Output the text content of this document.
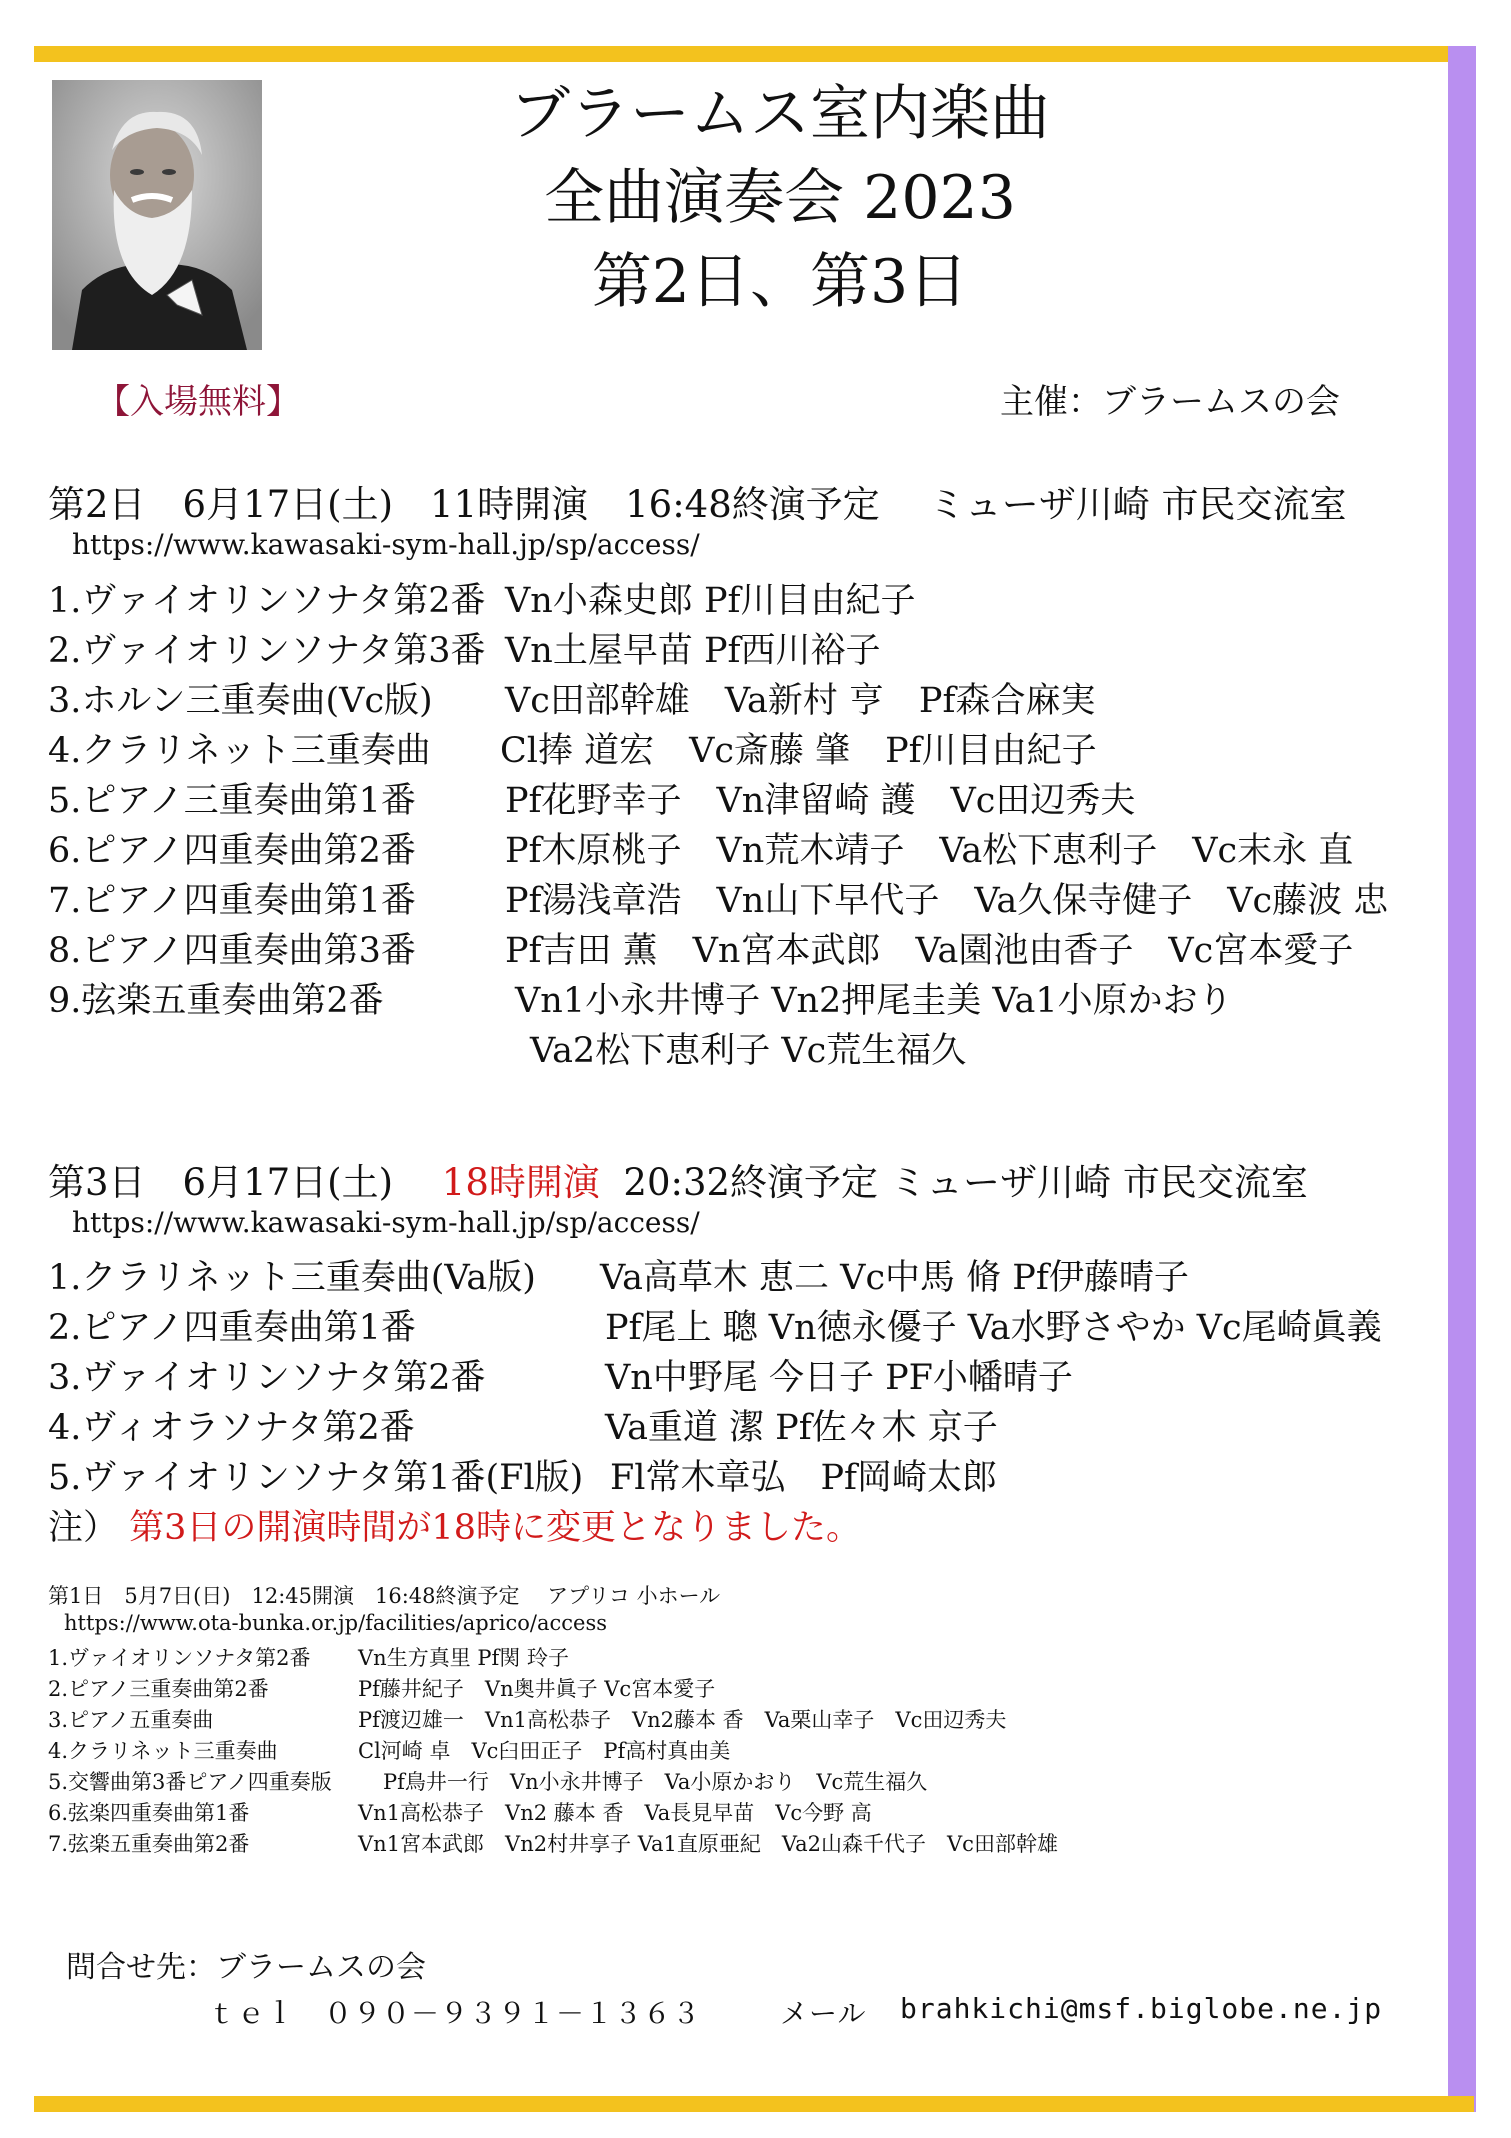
ブラームス室内楽曲
全曲演奏会 2023
第2日、第3日
【入場無料】	主催：ブラームスの会
第2日　6月17日(土)　11時開演　16:48終演予定　 ミューザ川崎 市民交流室
https://www.kawasaki-sym-hall.jp/sp/access/
1.ヴァイオリンソナタ第2番 Vn小森史郎 Pf川目由紀子
2.ヴァイオリンソナタ第3番 Vn土屋早苗 Pf西川裕子
3.ホルン三重奏曲(Vc版) Vc田部幹雄　Va新村 亨　Pf森合麻実
4.クラリネット三重奏曲 Cl捧 道宏　Vc斎藤 肇　Pf川目由紀子
5.ピアノ三重奏曲第1番	Pf花野幸子　Vn津留崎 護　Vc田辺秀夫
6.ピアノ四重奏曲第2番	Pf木原桃子　Vn荒木靖子　Va松下恵利子　Vc末永 直
7.ピアノ四重奏曲第1番	Pf湯浅章浩　Vn山下早代子　Va久保寺健子　Vc藤波 忠
8.ピアノ四重奏曲第3番	Pf吉田 薫　Vn宮本武郎　Va園池由香子　Vc宮本愛子
9.弦楽五重奏曲第2番	Vn1小永井博子 Vn2押尾圭美 Va1小原かおり
Va2松下恵利子 Vc荒生福久
第3日　6月17日(土)　 18時開演  20:32終演予定 ミューザ川崎 市民交流室
https://www.kawasaki-sym-hall.jp/sp/access/
1.クラリネット三重奏曲(Va版) Va高草木 恵二 Vc中馬 脩 Pf伊藤晴子
2.ピアノ四重奏曲第1番	Pf尾上 聰 Vn徳永優子 Va水野さやか Vc尾崎眞義
3.ヴァイオリンソナタ第2番	Vn中野尾 今日子 PF小幡晴子
4.ヴィオラソナタ第2番	Va重道 潔 Pf佐々木 京子
5.ヴァイオリンソナタ第1番(Fl版) Fl常木章弘　Pf岡崎太郎
注） 第3日の開演時間が18時に変更となりました。
第1日　5月7日(日)　12:45開演　16:48終演予定　 アプリコ 小ホール
https://www.ota-bunka.or.jp/facilities/aprico/access
1.ヴァイオリンソナタ第2番 Vn生方真里 Pf関 玲子
2.ピアノ三重奏曲第2番	Pf藤井紀子　Vn奥井眞子 Vc宮本愛子
3.ピアノ五重奏曲	Pf渡辺雄一　Vn1高松恭子　Vn2藤本 香　Va栗山幸子　Vc田辺秀夫
4.クラリネット三重奏曲	Cl河崎 卓　Vc臼田正子　Pf高村真由美
5.交響曲第3番ピアノ四重奏版 Pf鳥井一行　Vn小永井博子　Va小原かおり　Vc荒生福久
6.弦楽四重奏曲第1番	Vn1高松恭子　Vn2 藤本 香　Va長見早苗　Vc今野 高
7.弦楽五重奏曲第2番	Vn1宮本武郎　Vn2村井享子 Va1直原亜紀　Va2山森千代子　Vc田部幹雄
問合せ先：ブラームスの会
ｔｅｌ　０９０－９３９１－１３６３	メール brahkichi@msf.biglobe.ne.jp
